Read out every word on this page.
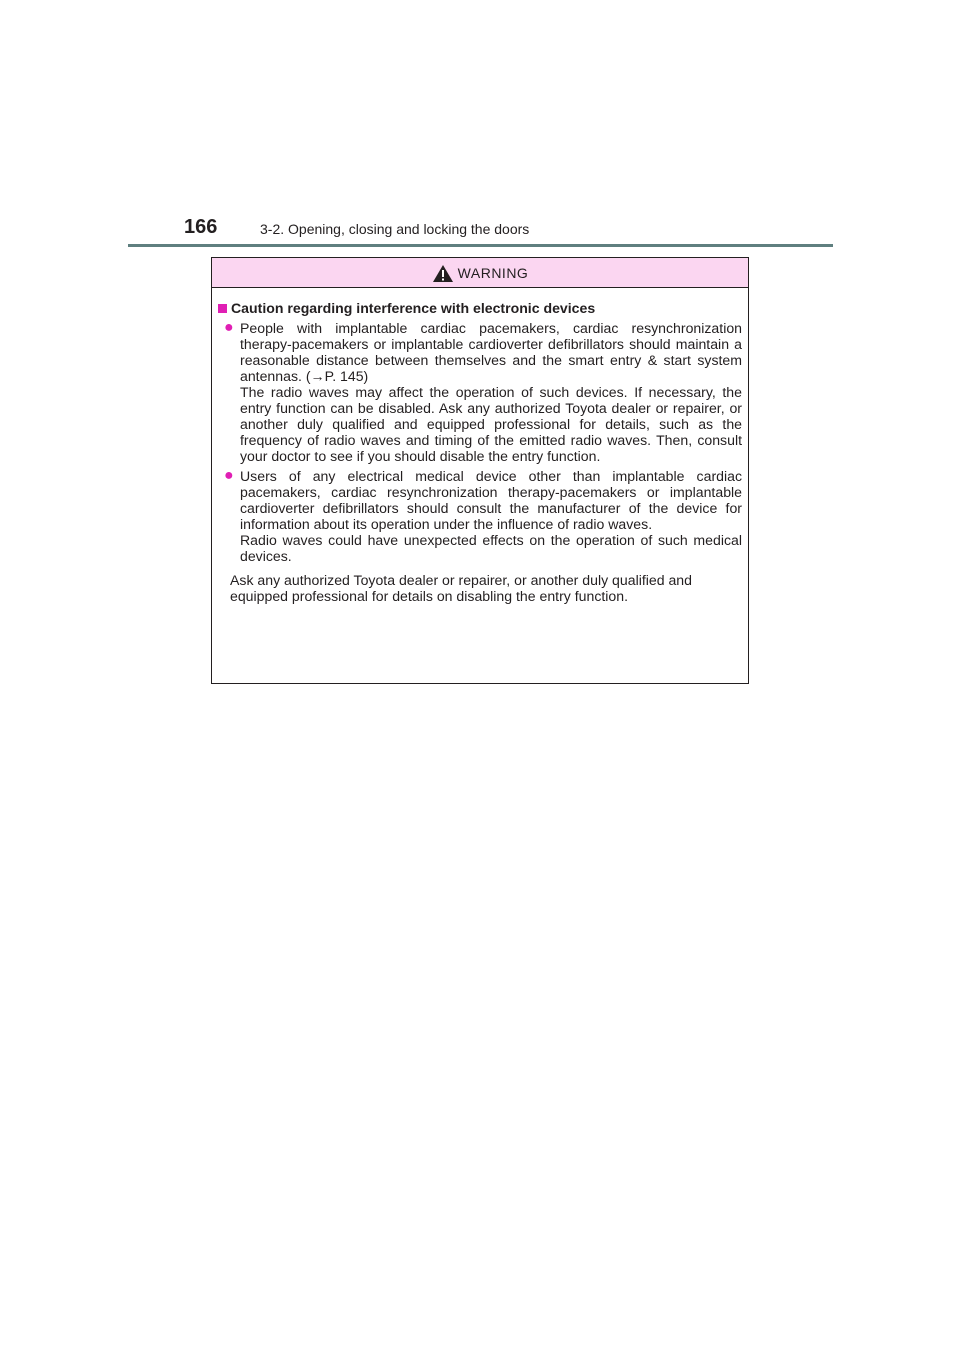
166	3-2. Opening, closing and locking the doors
WARNING
Caution regarding interference with electronic devices
● People with implantable cardiac pacemakers, cardiac resynchronization therapy-pacemakers or implantable cardioverter defibrillators should maintain a reasonable distance between themselves and the smart entry & start system antennas. (→P. 145)

The radio waves may affect the operation of such devices. If necessary, the entry function can be disabled. Ask any authorized Toyota dealer or repairer, or another duly qualified and equipped professional for details, such as the frequency of radio waves and timing of the emitted radio waves. Then, consult your doctor to see if you should disable the entry function.

● Users of any electrical medical device other than implantable cardiac pacemakers, cardiac resynchronization therapy-pacemakers or implantable cardioverter defibrillators should consult the manufacturer of the device for information about its operation under the influence of radio waves.

Radio waves could have unexpected effects on the operation of such medical devices.

Ask any authorized Toyota dealer or repairer, or another duly qualified and equipped professional for details on disabling the entry function.
